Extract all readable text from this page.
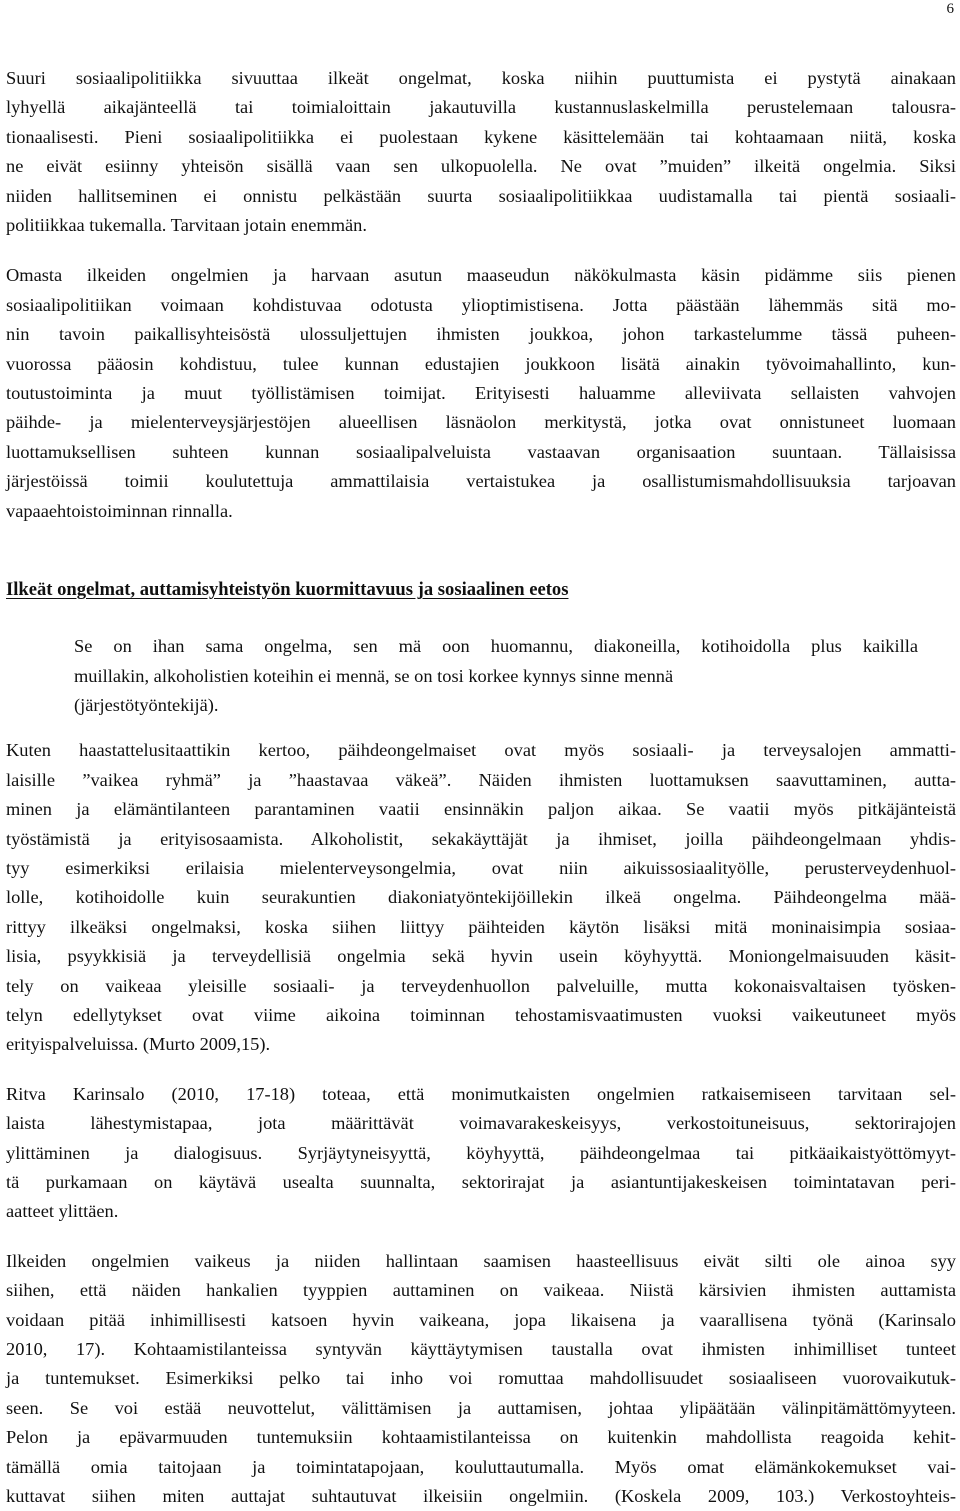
6

Suuri sosiaalipolitiikka sivuuttaa ilkeät ongelmat, koska niihin puuttumista ei pystytä ainakaan
lyhyellä aikajänteellä tai toimialoittain jakautuvilla kustannuslaskelmilla perustelemaan talousra-
tionaalisesti. Pieni sosiaalipolitiikka ei puolestaan kykene käsittelemään tai kohtaamaan niitä, koska
ne eivät esiinny yhteisön sisällä vaan sen ulkopuolella. Ne ovat ”muiden” ilkeitä ongelmia. Siksi
niiden hallitseminen ei onnistu pelkästään suurta sosiaalipolitiikkaa uudistamalla tai pientä sosiaali-
politiikkaa tukemalla. Tarvitaan jotain enemmän.

Omasta ilkeiden ongelmien ja harvaan asutun maaseudun näkökulmasta käsin pidämme siis pienen
sosiaalipolitiikan voimaan kohdistuvaa odotusta ylioptimistisena. Jotta päästään lähemmäs sitä mo-
nin tavoin paikallisyhteisöstä ulossuljettujen ihmisten joukkoa, johon tarkastelumme tässä puheen-
vuorossa pääosin kohdistuu, tulee kunnan edustajien joukkoon lisätä ainakin työvoimahallinto, kun-
toutustoiminta ja muut työllistämisen toimijat. Erityisesti haluamme alleviivata sellaisten vahvojen
päihde- ja mielenterveysjärjestöjen alueellisen läsnäolon merkitystä, jotka ovat onnistuneet luomaan
luottamuksellisen suhteen kunnan sosiaalipalveluista vastaavan organisaation suuntaan. Tällaisissa
järjestöissä toimii koulutettuja ammattilaisia vertaistukea ja osallistumismahdollisuuksia tarjoavan
vapaaehtoistoiminnan rinnalla.

Ilkeät ongelmat, auttamisyhteistyön kuormittavuus ja sosiaalinen eetos

Se on ihan sama ongelma, sen mä oon huomannu, diakoneilla, kotihoidolla plus kaikilla
muillakin, alkoholistien koteihin ei mennä, se on tosi korkee kynnys sinne mennä
(järjestötyöntekijä).

Kuten haastattelusitaattikin kertoo, päihdeongelmaiset ovat myös sosiaali- ja terveysalojen ammatti-
laisille ”vaikea ryhmä” ja ”haastavaa väkeä”. Näiden ihmisten luottamuksen saavuttaminen, autta-
minen ja elämäntilanteen parantaminen vaatii ensinnäkin paljon aikaa. Se vaatii myös pitkäjänteistä
työstämistä ja erityisosaamista. Alkoholistit, sekakäyttäjät ja ihmiset, joilla päihdeongelmaan yhdis-
tyy esimerkiksi erilaisia mielenterveysongelmia, ovat niin aikuissosiaalityölle, perusterveydenhuol-
lolle, kotihoidolle kuin seurakuntien diakoniatyöntekijöillekin ilkeä ongelma. Päihdeongelma mää-
rittyy ilkeäksi ongelmaksi, koska siihen liittyy päihteiden käytön lisäksi mitä moninaisimpia sosiaa-
lisia, psyykkisiä ja terveydellisiä ongelmia sekä hyvin usein köyhyyttä. Moniongelmaisuuden käsit-
tely on vaikeaa yleisille sosiaali- ja terveydenhuollon palveluille, mutta kokonaisvaltaisen työsken-
telyn edellytykset ovat viime aikoina toiminnan tehostamisvaatimusten vuoksi vaikeutuneet myös
erityispalveluissa. (Murto 2009,15).

Ritva Karinsalo (2010, 17-18) toteaa, että monimutkaisten ongelmien ratkaisemiseen tarvitaan sel-
laista lähestymistapaa, jota määrittävät voimavarakeskeisyys, verkostoituneisuus, sektorirajojen
ylittäminen ja dialogisuus. Syrjäytyneisyyttä, köyhyyttä, päihdeongelmaa tai pitkäaikaistyöttömyyt-
tä purkamaan on käytävä usealta suunnalta, sektorirajat ja asiantuntijakeskeisen toimintatavan peri-
aatteet ylittäen.

Ilkeiden ongelmien vaikeus ja niiden hallintaan saamisen haasteellisuus eivät silti ole ainoa syy
siihen, että näiden hankalien tyyppien auttaminen on vaikeaa. Niistä kärsivien ihmisten auttamista
voidaan pitää inhimillisesti katsoen hyvin vaikeana, jopa likaisena ja vaarallisena työnä (Karinsalo
2010, 17). Kohtaamistilanteissa syntyvän käyttäytymisen taustalla ovat ihmisten inhimilliset tunteet
ja tuntemukset. Esimerkiksi pelko tai inho voi romuttaa mahdollisuudet sosiaaliseen vuorovaikutuk-
seen. Se voi estää neuvottelut, välittämisen ja auttamisen, johtaa ylipäätään välinpitämättömyyteen.
Pelon ja epävarmuuden tuntemuksiin kohtaamistilanteissa on kuitenkin mahdollista reagoida kehit-
tämällä omia taitojaan ja toimintatapojaan, kouluttautumalla. Myös omat elämänkokemukset vai-
kuttavat siihen miten auttajat suhtautuvat ilkeisiin ongelmiin. (Koskela 2009, 103.) Verkostoyhteis-
